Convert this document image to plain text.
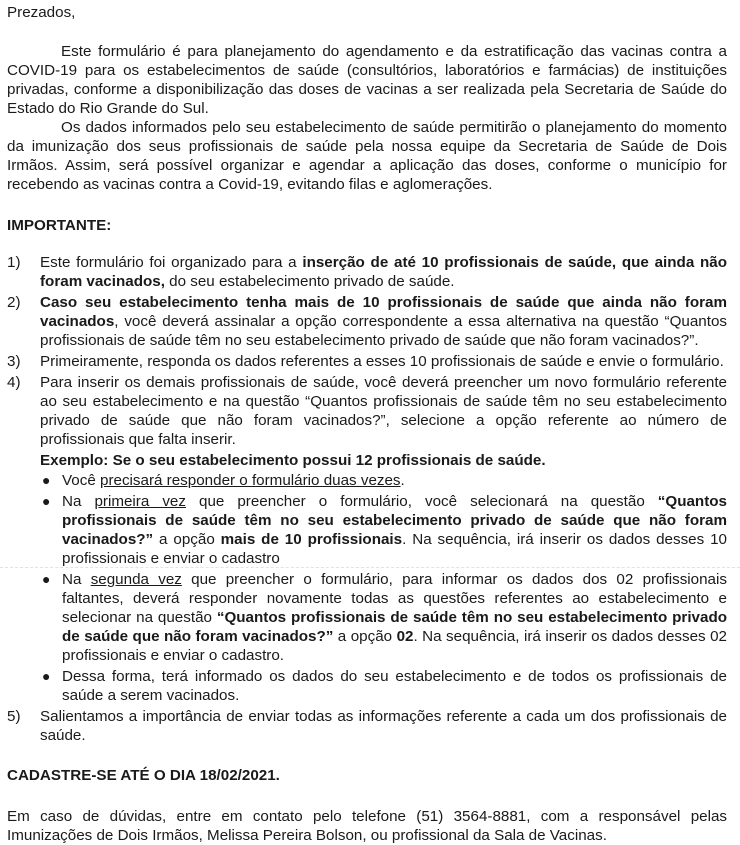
Prezados,

Este formulário é para planejamento do agendamento e da estratificação das vacinas contra a COVID-19 para os estabelecimentos de saúde (consultórios, laboratórios e farmácias) de instituições privadas, conforme a disponibilização das doses de vacinas a ser realizada pela Secretaria de Saúde do Estado do Rio Grande do Sul.

Os dados informados pelo seu estabelecimento de saúde permitirão o planejamento do momento da imunização dos seus profissionais de saúde pela nossa equipe da Secretaria de Saúde de Dois Irmãos. Assim, será possível organizar e agendar a aplicação das doses, conforme o município for recebendo as vacinas contra a Covid-19, evitando filas e aglomerações.

IMPORTANTE:

1) Este formulário foi organizado para a inserção de até 10 profissionais de saúde, que ainda não foram vacinados, do seu estabelecimento privado de saúde.
2) Caso seu estabelecimento tenha mais de 10 profissionais de saúde que ainda não foram vacinados, você deverá assinalar a opção correspondente a essa alternativa na questão “Quantos profissionais de saúde têm no seu estabelecimento privado de saúde que não foram vacinados?”.
3) Primeiramente, responda os dados referentes a esses 10 profissionais de saúde e envie o formulário.
4) Para inserir os demais profissionais de saúde, você deverá preencher um novo formulário referente ao seu estabelecimento e na questão “Quantos profissionais de saúde têm no seu estabelecimento privado de saúde que não foram vacinados?”, selecione a opção referente ao número de profissionais que falta inserir.
Exemplo: Se o seu estabelecimento possui 12 profissionais de saúde.
● Você precisará responder o formulário duas vezes.
● Na primeira vez que preencher o formulário, você selecionará na questão “Quantos profissionais de saúde têm no seu estabelecimento privado de saúde que não foram vacinados?” a opção mais de 10 profissionais. Na sequência, irá inserir os dados desses 10 profissionais e enviar o cadastro
● Na segunda vez que preencher o formulário, para informar os dados dos 02 profissionais faltantes, deverá responder novamente todas as questões referentes ao estabelecimento e selecionar na questão “Quantos profissionais de saúde têm no seu estabelecimento privado de saúde que não foram vacinados?” a opção 02. Na sequência, irá inserir os dados desses 02 profissionais e enviar o cadastro.
● Dessa forma, terá informado os dados do seu estabelecimento e de todos os profissionais de saúde a serem vacinados.
5) Salientamos a importância de enviar todas as informações referente a cada um dos profissionais de saúde.

CADASTRE-SE ATÉ O DIA 18/02/2021.

Em caso de dúvidas, entre em contato pelo telefone (51) 3564-8881, com a responsável pelas Imunizações de Dois Irmãos, Melissa Pereira Bolson, ou profissional da Sala de Vacinas.
